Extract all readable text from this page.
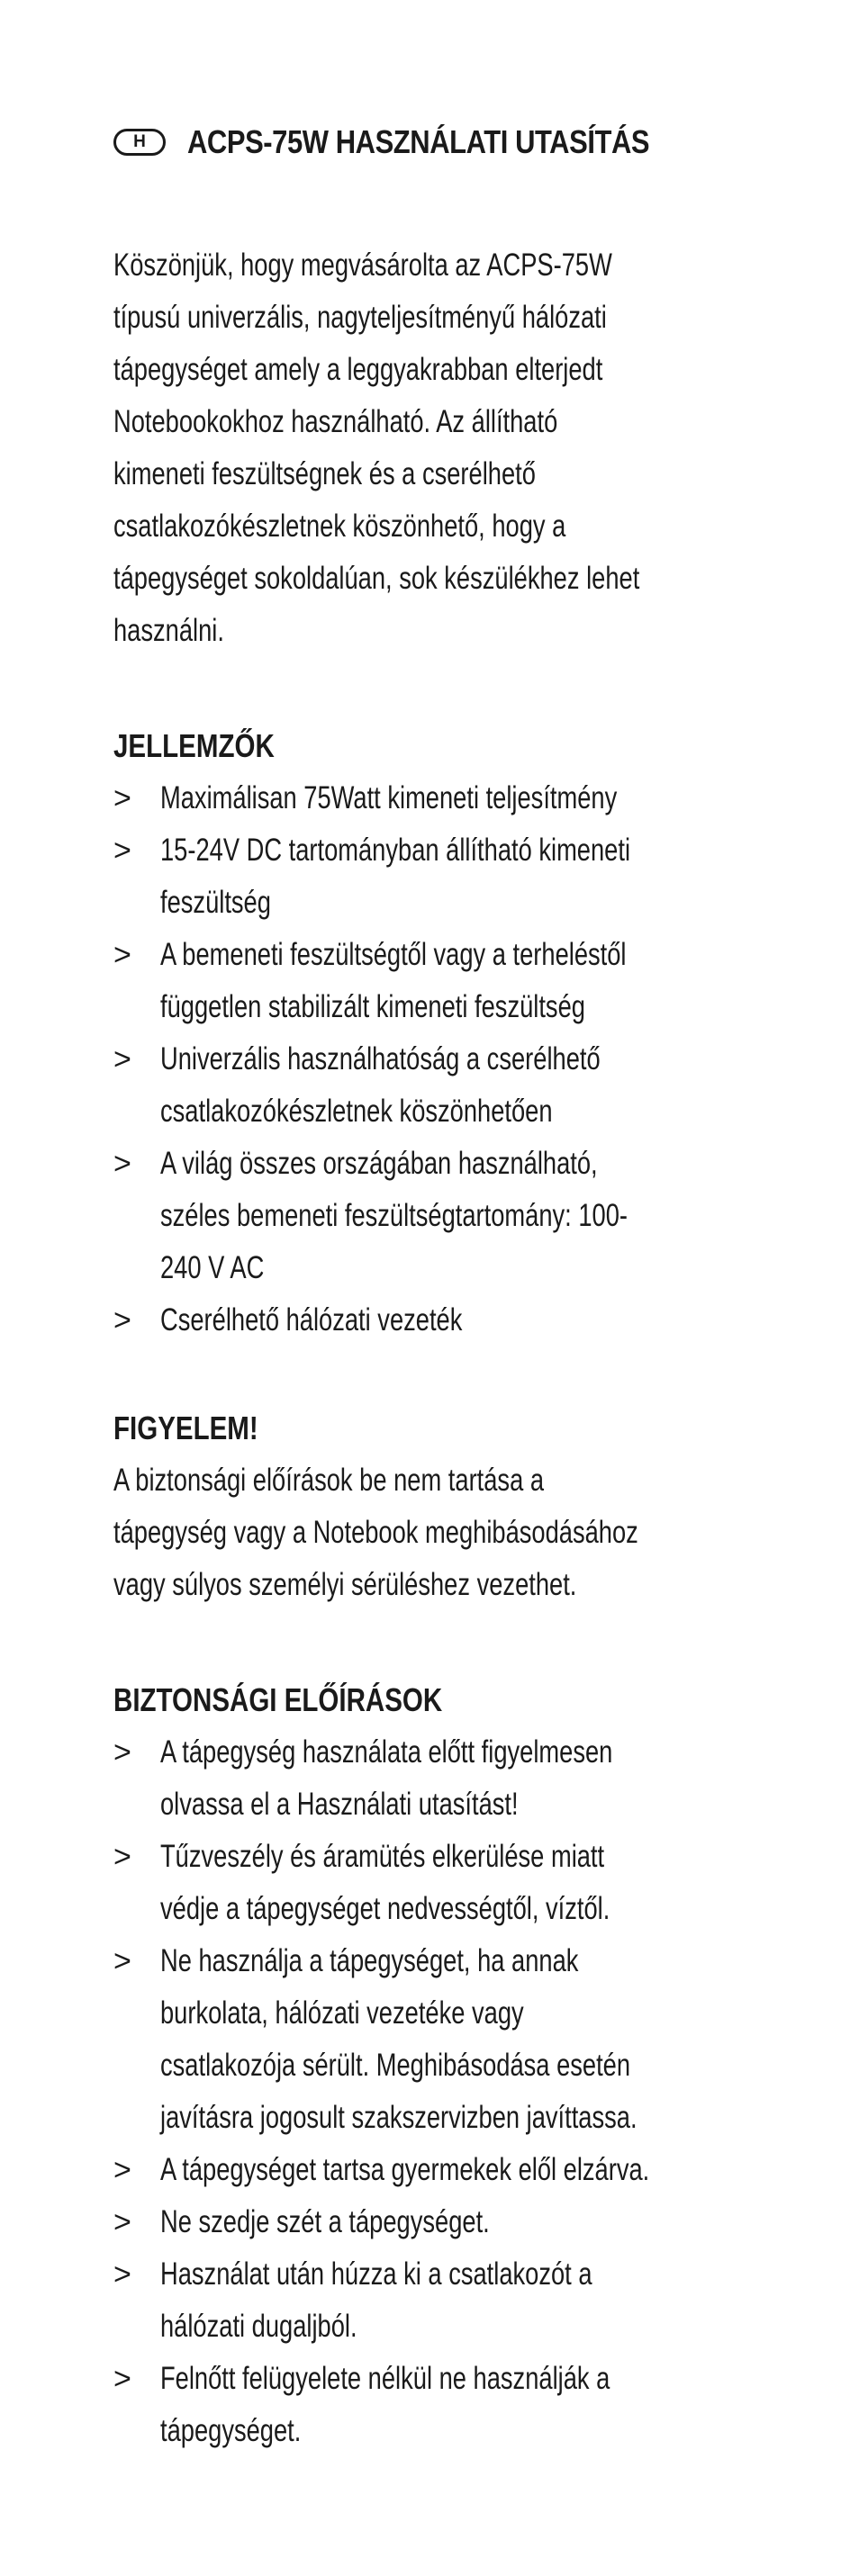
H	ACPS-75W HASZNÁLATI UTASÍTÁS
Köszönjük, hogy megvásárolta az ACPS-75W
típusú univerzális, nagyteljesítményű hálózati
tápegységet amely a leggyakrabban elterjedt
Notebookokhoz használható. Az állítható
kimeneti feszültségnek és a cserélhető
csatlakozókészletnek köszönhető, hogy a
tápegységet sokoldalúan, sok készülékhez lehet
használni.
JELLEMZŐK
> Maximálisan 75Watt kimeneti teljesítmény
> 15-24V DC tartományban állítható kimeneti
feszültség
> A bemeneti feszültségtől vagy a terheléstől
független stabilizált kimeneti feszültség
> Univerzális használhatóság a cserélhető
csatlakozókészletnek köszönhetően
> A világ összes országában használható,
széles bemeneti feszültségtartomány: 100-
240 V AC
> Cserélhető hálózati vezeték
FIGYELEM!
A biztonsági előírások be nem tartása a
tápegység vagy a Notebook meghibásodásához
vagy súlyos személyi sérüléshez vezethet.
BIZTONSÁGI ELŐÍRÁSOK
> A tápegység használata előtt figyelmesen
olvassa el a Használati utasítást!
> Tűzveszély és áramütés elkerülése miatt
védje a tápegységet nedvességtől, víztől.
> Ne használja a tápegységet, ha annak
burkolata, hálózati vezetéke vagy
csatlakozója sérült. Meghibásodása esetén
javításra jogosult szakszervizben javíttassa.
> A tápegységet tartsa gyermekek elől elzárva.
> Ne szedje szét a tápegységet.
> Használat után húzza ki a csatlakozót a
hálózati dugaljból.
> Felnőtt felügyelete nélkül ne használják a
tápegységet.
